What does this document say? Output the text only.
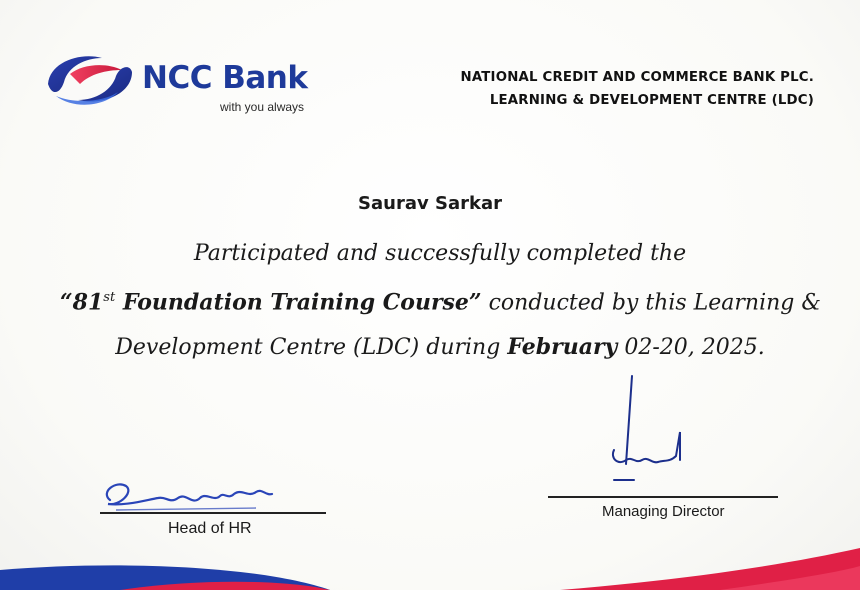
NCC Bank
with you always
NATIONAL CREDIT AND COMMERCE BANK PLC.
LEARNING & DEVELOPMENT CENTRE (LDC)
Saurav Sarkar
Participated and successfully completed the
“81st Foundation Training Course” conducted by this Learning &
Development Centre (LDC) during February 02-20, 2025.
Head of HR
Managing Director
